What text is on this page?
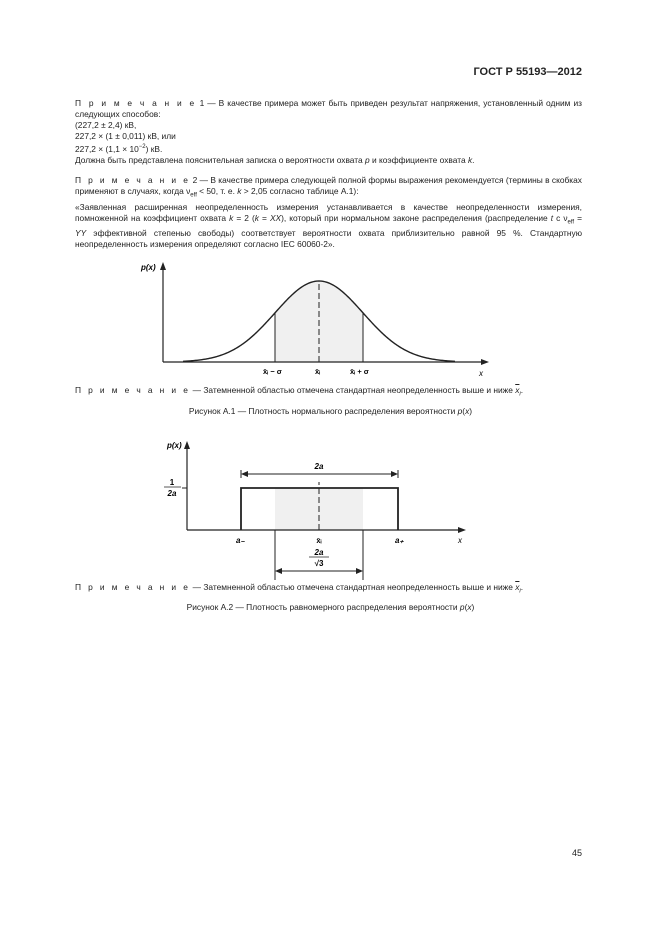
ГОСТ Р 55193—2012

П р и м е ч а н и е 1 — В качестве примера может быть приведен результат напряжения, установленный одним из следующих способов:

(227,2 ± 2,4) кВ,

227,2 × (1 ± 0,011) кВ, или

$227,2 \times (1,1 \times 10^{-2})$ кВ.

Должна быть представлена пояснительная записка о вероятности охвата p и коэффициенте охвата k.

П р и м е ч а н и е 2 — В качестве примера следующей полной формы выражения рекомендуется (термины в скобках применяют в случаях, когда $\nu_{eff} < 50$, т. е. k > 2,05 согласно таблице А.1):

«Заявленная расширенная неопределенность измерения устанавливается в качестве неопределенности измерения, помноженной на коэффициент охвата k = 2 (k = XX), который при нормальном законе распределения (распределение t с $\nu_{eff}$ = YY эффективной степенью свободы) соответствует вероятности охвата приблизительно равной 95 %. Стандартную неопределенность измерения определяют согласно IEC 60060-2».

p(x)
x
x̄ᵢ − σ	x̄ᵢ	x̄ᵢ + σ
p(x)
x
1
2a
2a
a₋	a₊
x̄ᵢ
2a
√3
П р и м е ч а н и е — Затемненной областью отмечена стандартная неопределенность выше и ниже $\overline{x}_i$.
Рисунок А.1 — Плотность нормального распределения вероятности p(x)
П р и м е ч а н и е — Затемненной областью отмечена стандартная неопределенность выше и ниже $\overline{x}_i$.
Рисунок А.2 — Плотность равномерного распределения вероятности p(x)
45
